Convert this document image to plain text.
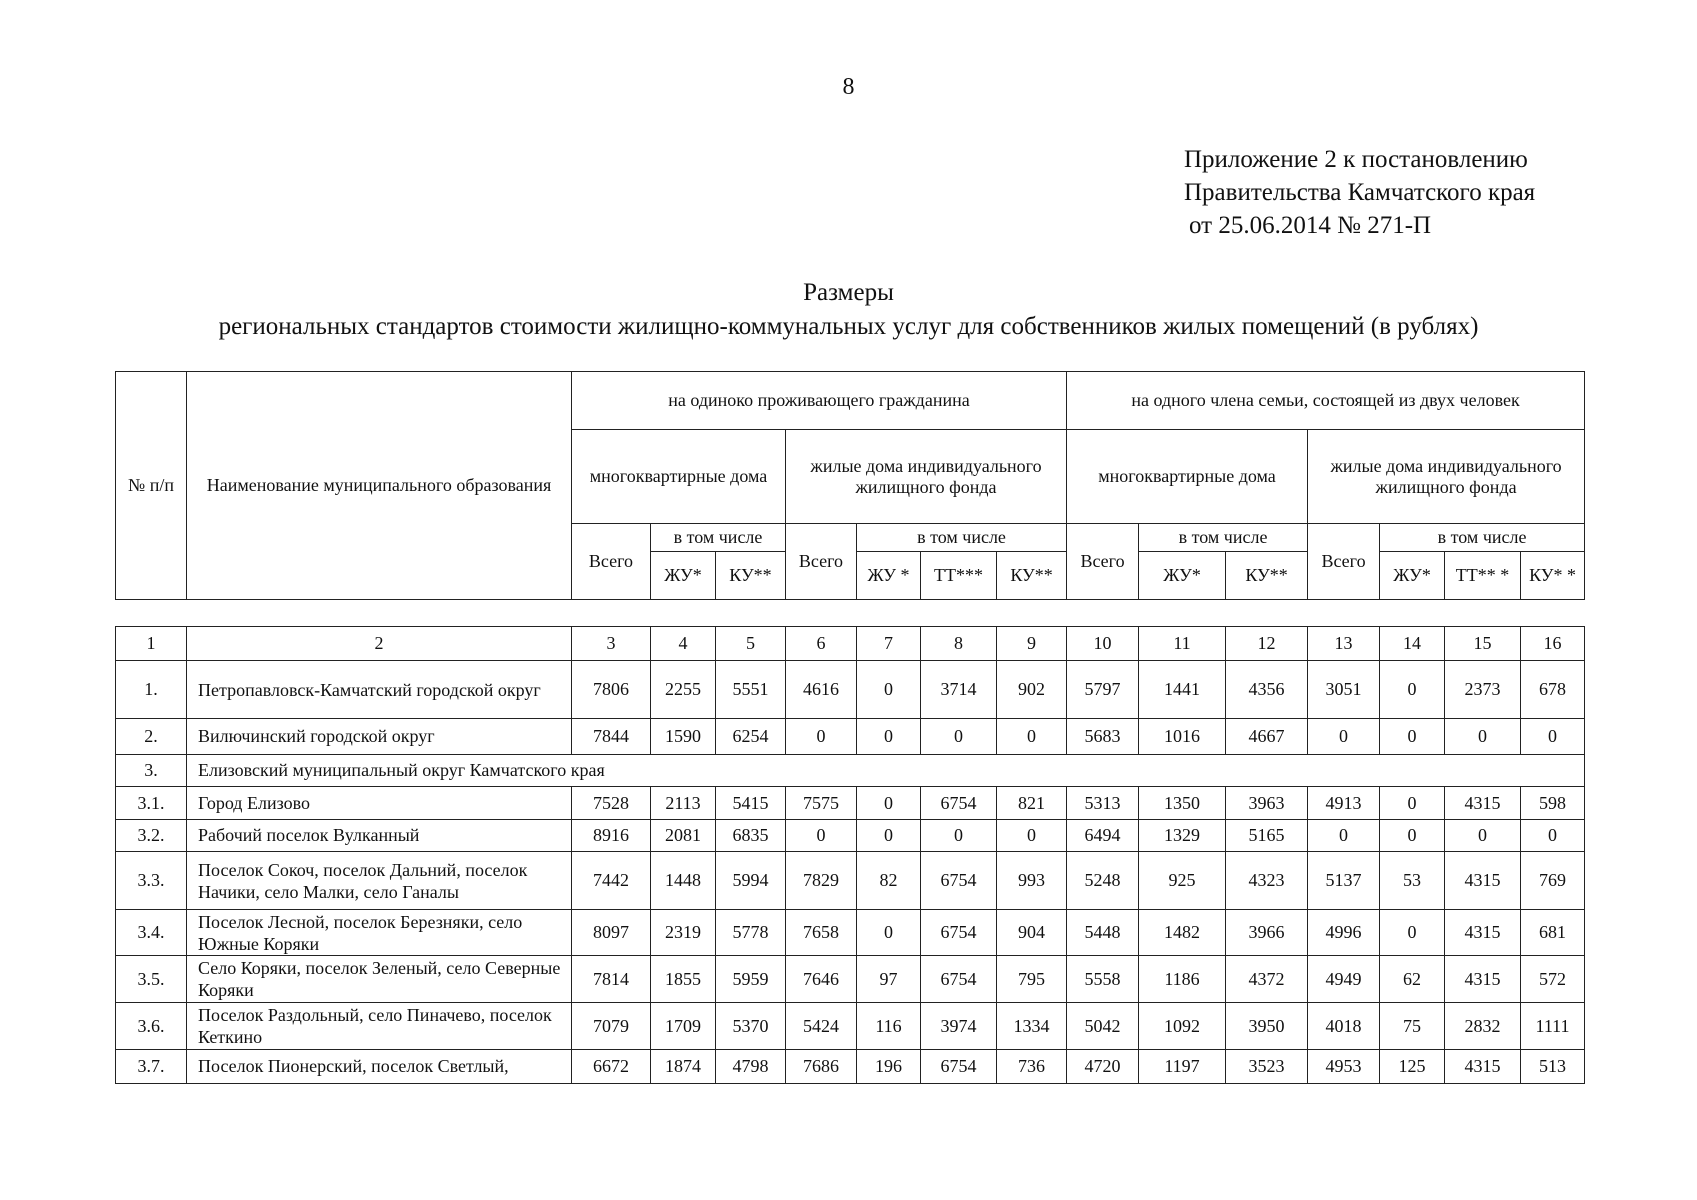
8
Приложение 2 к постановлению
Правительства Камчатского края
от 25.06.2014 № 271-П
Размеры
региональных стандартов стоимости жилищно-коммунальных услуг для собственников жилых помещений (в рублях)
№ п/п	Наименование муниципального образования	на одиноко проживающего гражданина							на одного члена семьи, состоящей из двух человек						
		многоквартирные дома			жилые дома индивидуального жилищного фонда				многоквартирные дома			жилые дома индивидуального жилищного фонда			
		Всего	в том числе		Всего	в том числе			Всего	в том числе		Всего	в том числе		
			ЖУ*	КУ**		ЖУ *	ТТ***	КУ**		ЖУ*	КУ**		ЖУ*	ТТ** *	КУ* *
1	2	3	4	5	6	7	8	9	10	11	12	13	14	15	16
1.	Петропавловск-Камчатский городской округ	7806	2255	5551	4616	0	3714	902	5797	1441	4356	3051	0	2373	678
2.	Вилючинский городской округ	7844	1590	6254	0	0	0	0	5683	1016	4667	0	0	0	0
3.	Елизовский муниципальный округ Камчатского края														
3.1.	Город Елизово	7528	2113	5415	7575	0	6754	821	5313	1350	3963	4913	0	4315	598
3.2.	Рабочий поселок Вулканный	8916	2081	6835	0	0	0	0	6494	1329	5165	0	0	0	0
3.3.	Поселок Сокоч, поселок Дальний, поселок Начики, село Малки, село Ганалы	7442	1448	5994	7829	82	6754	993	5248	925	4323	5137	53	4315	769
3.4.	Поселок Лесной, поселок Березняки, село Южные Коряки	8097	2319	5778	7658	0	6754	904	5448	1482	3966	4996	0	4315	681
3.5.	Село Коряки, поселок Зеленый, село Северные Коряки	7814	1855	5959	7646	97	6754	795	5558	1186	4372	4949	62	4315	572
3.6.	Поселок Раздольный, село Пиначево, поселок Кеткино	7079	1709	5370	5424	116	3974	1334	5042	1092	3950	4018	75	2832	1111
3.7.	Поселок Пионерский, поселок Светлый,	6672	1874	4798	7686	196	6754	736	4720	1197	3523	4953	125	4315	513
